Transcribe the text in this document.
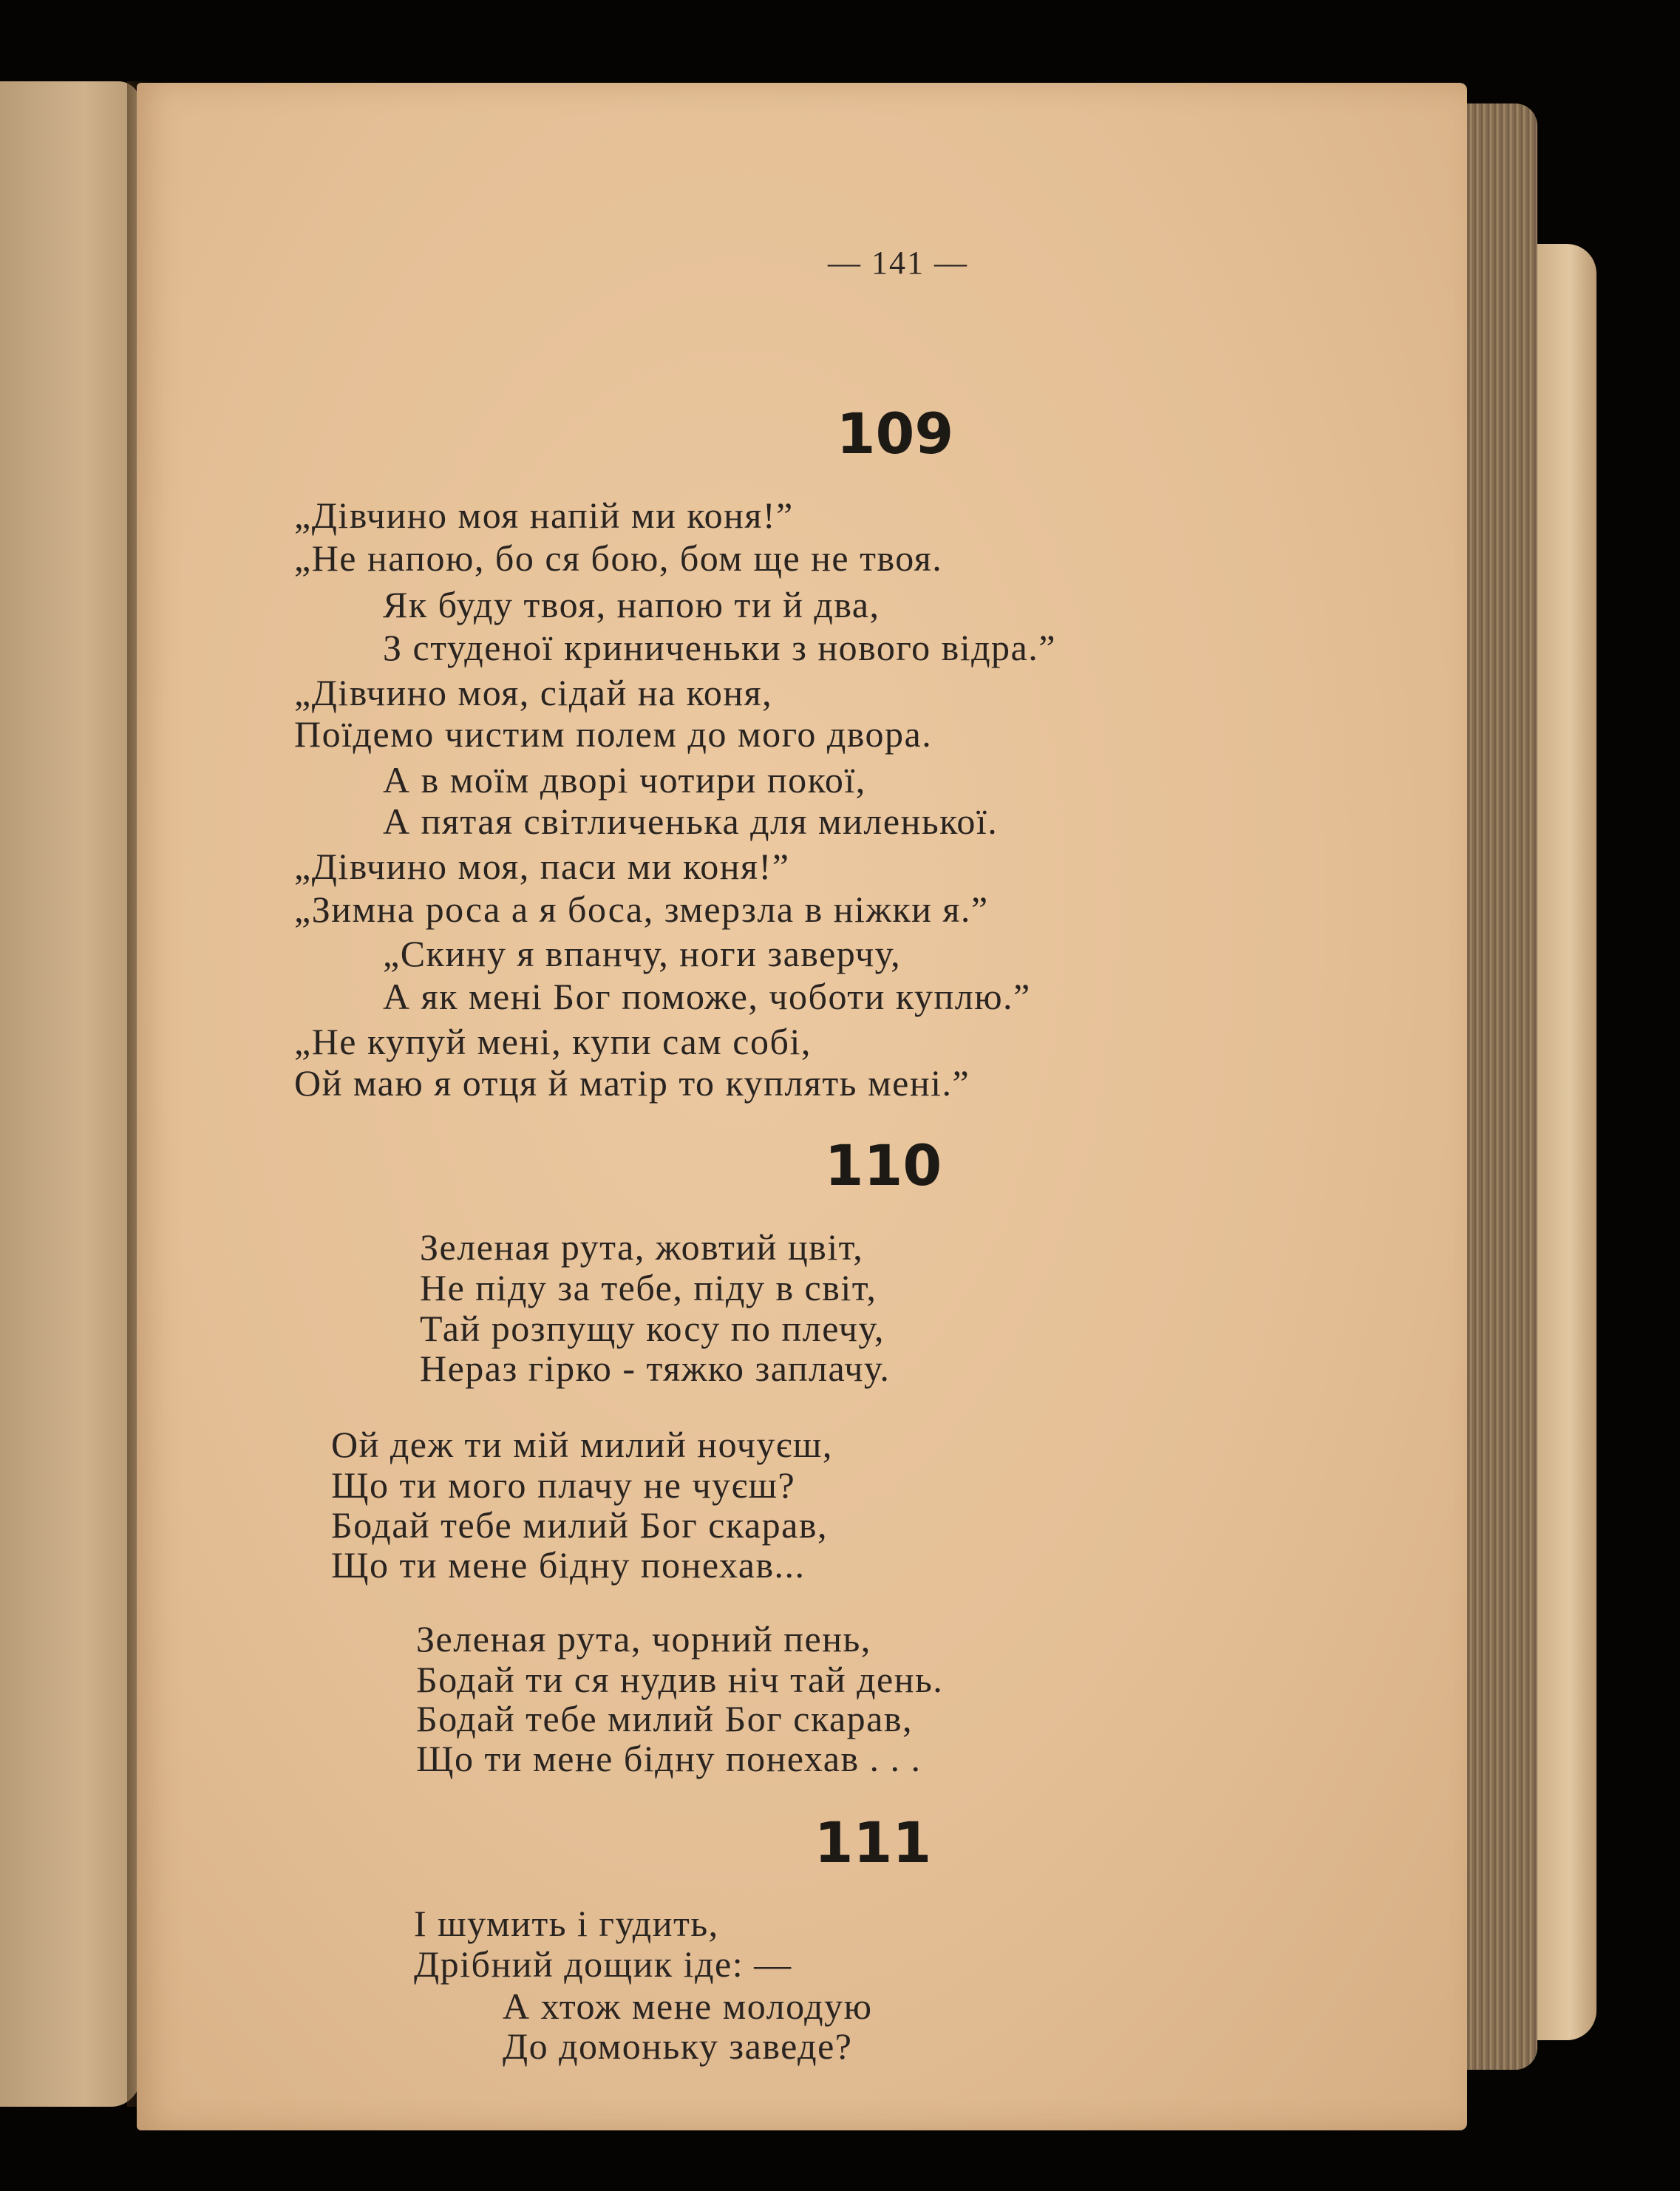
— 141 —
109
„Дівчино моя напій ми коня!”
„Не напою, бо ся бою, бом ще не твоя.
Як буду твоя, напою ти й два,
З студеної криниченьки з нового відра.”
„Дівчино моя, сідай на коня,
Поїдемо чистим полем до мого двора.
А в моїм дворі чотири покої,
А пятая світличенька для миленької.
„Дівчино моя, паси ми коня!”
„Зимна роса а я боса, змерзла в ніжки я.”
„Скину я впанчу, ноги заверчу,
А як мені Бог поможе, чоботи куплю.”
„Не купуй мені, купи сам собі,
Ой маю я отця й матір то куплять мені.”
110
Зеленая рута, жовтий цвіт,
Не піду за тебе, піду в світ,
Тай розпущу косу по плечу,
Нераз гірко - тяжко заплачу.
Ой деж ти мій милий ночуєш,
Що ти мого плачу не чуєш?
Бодай тебе милий Бог скарав,
Що ти мене бідну понехав...
Зеленая рута, чорний пень,
Бодай ти ся нудив ніч тай день.
Бодай тебе милий Бог скарав,
Що ти мене бідну понехав . . .
111
І шумить і гудить,
Дрібний дощик іде: —
А хтож мене молодую
До домоньку заведе?
